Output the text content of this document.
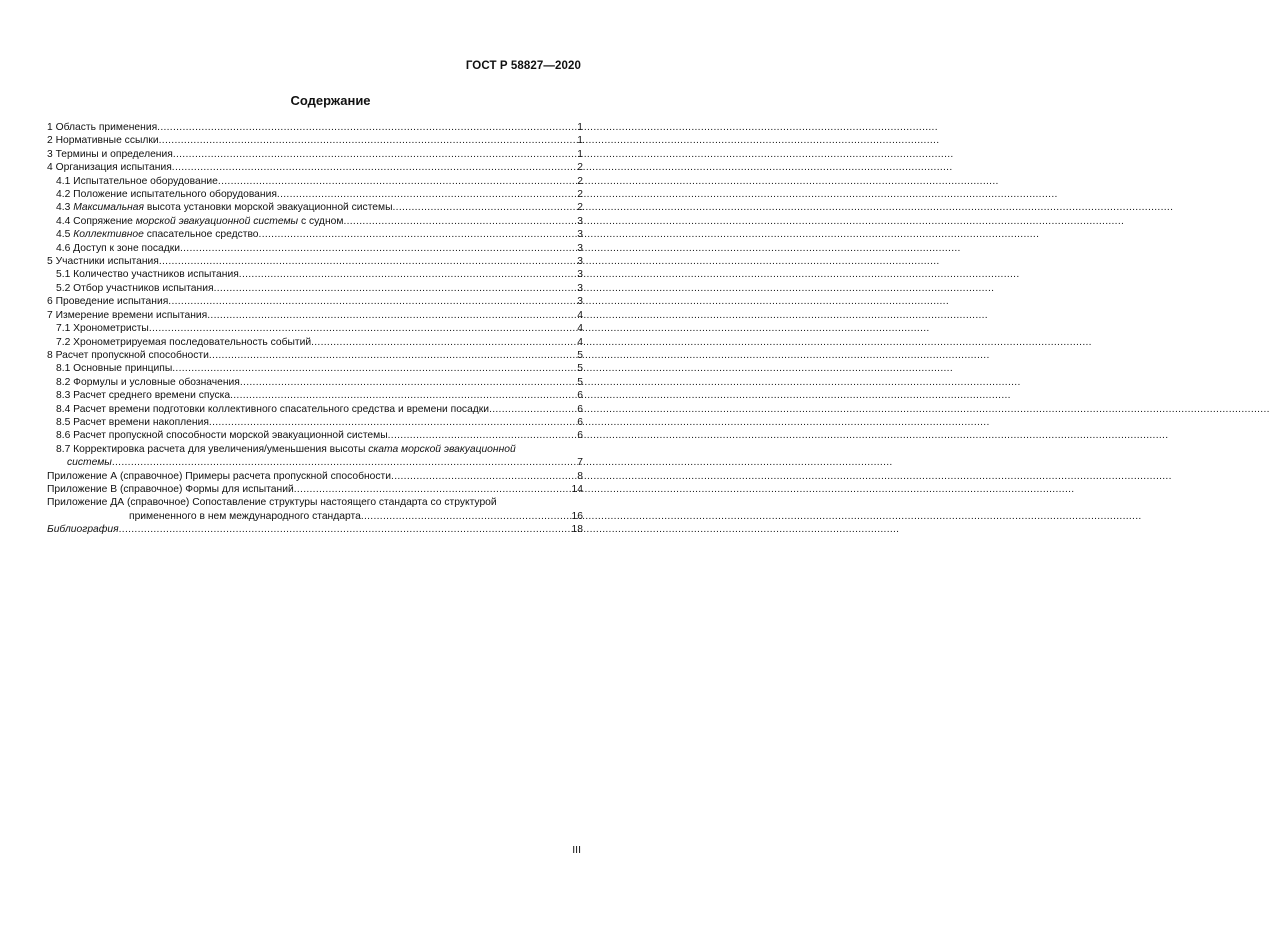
ГОСТ Р 58827—2020
Содержание
1 Область применения .....	1
2 Нормативные ссылки .....	1
3 Термины и определения .....	1
4 Организация испытания .....	2
4.1 Испытательное оборудование .....	2
4.2 Положение испытательного оборудования .....	2
4.3 Максимальная высота установки морской эвакуационной системы .....	2
4.4 Сопряжение морской эвакуационной системы с судном .....	3
4.5 Коллективное спасательное средство .....	3
4.6 Доступ к зоне посадки .....	3
5 Участники испытания .....	3
5.1 Количество участников испытания .....	3
5.2 Отбор участников испытания .....	3
6 Проведение испытания .....	3
7 Измерение времени испытания .....	4
7.1 Хронометристы .....	4
7.2 Хронометрируемая последовательность событий .....	4
8 Расчет пропускной способности .....	5
8.1 Основные принципы .....	5
8.2 Формулы и условные обозначения .....	5
8.3 Расчет среднего времени спуска .....	6
8.4 Расчет времени подготовки коллективного спасательного средства и времени посадки .....	6
8.5 Расчет времени накопления .....	6
8.6 Расчет пропускной способности морской эвакуационной системы .....	6
8.7 Корректировка расчета для увеличения/уменьшения высоты ската морской эвакуационной
системы .....	7
Приложение А (справочное) Примеры расчета пропускной способности .....	8
Приложение В (справочное) Формы для испытаний .....	14
Приложение ДА (справочное) Сопоставление структуры настоящего стандарта со структурой
примененного в нем международного стандарта .....	16
Библиография .....	18
III
